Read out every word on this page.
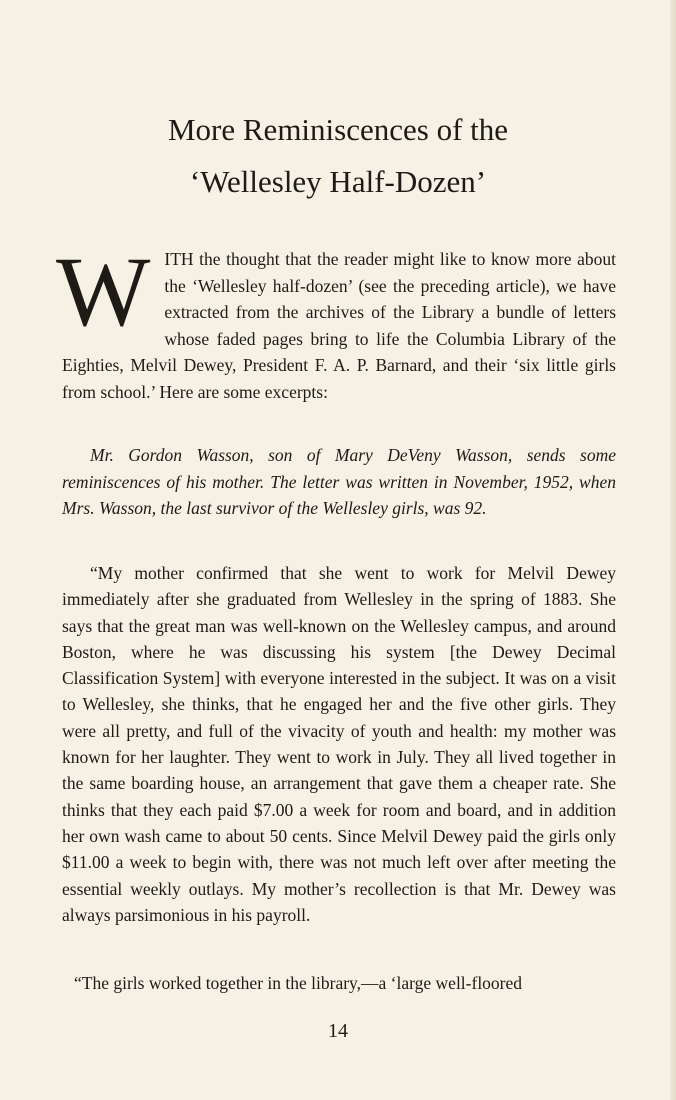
More Reminiscences of the
‘Wellesley Half-Dozen’

WITH the thought that the reader might like to know more about the ‘Wellesley half-dozen’ (see the preceding article), we have extracted from the archives of the Library a bundle of letters whose faded pages bring to life the Columbia Library of the Eighties, Melvil Dewey, President F. A. P. Barnard, and their ‘six little girls from school.’ Here are some excerpts:

Mr. Gordon Wasson, son of Mary DeVeny Wasson, sends some reminiscences of his mother. The letter was written in November, 1952, when Mrs. Wasson, the last survivor of the Wellesley girls, was 92.

“My mother confirmed that she went to work for Melvil Dewey immediately after she graduated from Wellesley in the spring of 1883. She says that the great man was well-known on the Wellesley campus, and around Boston, where he was discussing his system [the Dewey Decimal Classification System] with everyone interested in the subject. It was on a visit to Wellesley, she thinks, that he engaged her and the five other girls. They were all pretty, and full of the vivacity of youth and health: my mother was known for her laughter. They went to work in July. They all lived together in the same boarding house, an arrangement that gave them a cheaper rate. She thinks that they each paid $7.00 a week for room and board, and in addition her own wash came to about 50 cents. Since Melvil Dewey paid the girls only $11.00 a week to begin with, there was not much left over after meeting the essential weekly outlays. My mother’s recollection is that Mr. Dewey was always parsimonious in his payroll.

“The girls worked together in the library,—a ‘large well-floored

14
